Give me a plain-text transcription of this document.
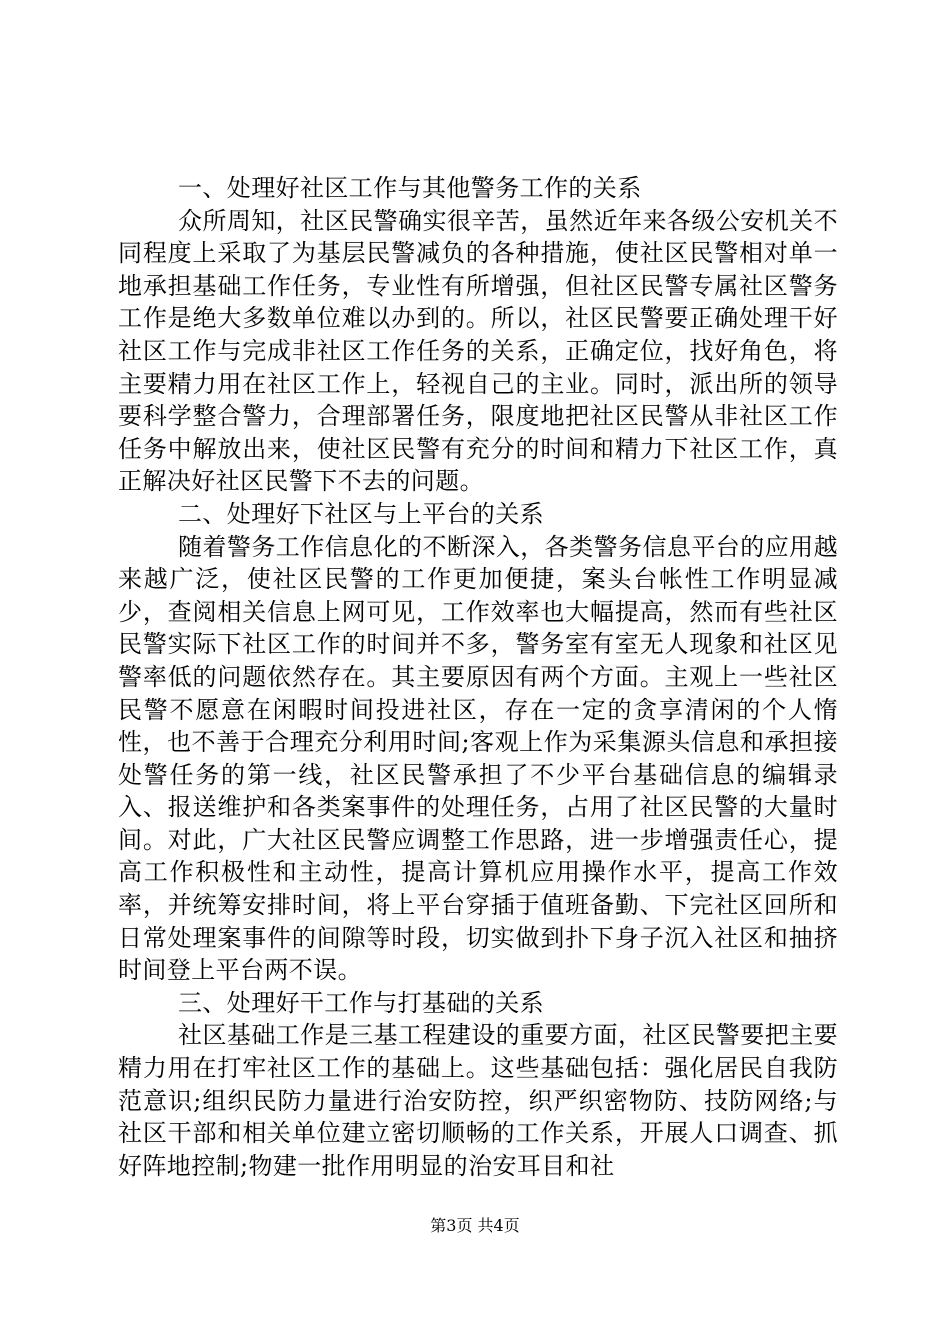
一、处理好社区工作与其他警务工作的关系

众所周知，社区民警确实很辛苦，虽然近年来各级公安机关不同程度上采取了为基层民警减负的各种措施，使社区民警相对单一地承担基础工作任务，专业性有所增强，但社区民警专属社区警务工作是绝大多数单位难以办到的。所以，社区民警要正确处理干好社区工作与完成非社区工作任务的关系，正确定位，找好角色，将主要精力用在社区工作上，轻视自己的主业。同时，派出所的领导要科学整合警力，合理部署任务，限度地把社区民警从非社区工作任务中解放出来，使社区民警有充分的时间和精力下社区工作，真正解决好社区民警下不去的问题。

二、处理好下社区与上平台的关系

随着警务工作信息化的不断深入，各类警务信息平台的应用越来越广泛，使社区民警的工作更加便捷，案头台帐性工作明显减少，查阅相关信息上网可见，工作效率也大幅提高，然而有些社区民警实际下社区工作的时间并不多，警务室有室无人现象和社区见警率低的问题依然存在。其主要原因有两个方面。主观上一些社区民警不愿意在闲暇时间投进社区，存在一定的贪享清闲的个人惰性，也不善于合理充分利用时间;客观上作为采集源头信息和承担接处警任务的第一线，社区民警承担了不少平台基础信息的编辑录入、报送维护和各类案事件的处理任务，占用了社区民警的大量时间。对此，广大社区民警应调整工作思路，进一步增强责任心，提高工作积极性和主动性，提高计算机应用操作水平，提高工作效率，并统筹安排时间，将上平台穿插于值班备勤、下完社区回所和日常处理案事件的间隙等时段，切实做到扑下身子沉入社区和抽挤时间登上平台两不误。

三、处理好干工作与打基础的关系

社区基础工作是三基工程建设的重要方面，社区民警要把主要精力用在打牢社区工作的基础上。这些基础包括：强化居民自我防范意识;组织民防力量进行治安防控，织严织密物防、技防网络;与社区干部和相关单位建立密切顺畅的工作关系，开展人口调查、抓好阵地控制;物建一批作用明显的治安耳目和社

第3页 共4页
